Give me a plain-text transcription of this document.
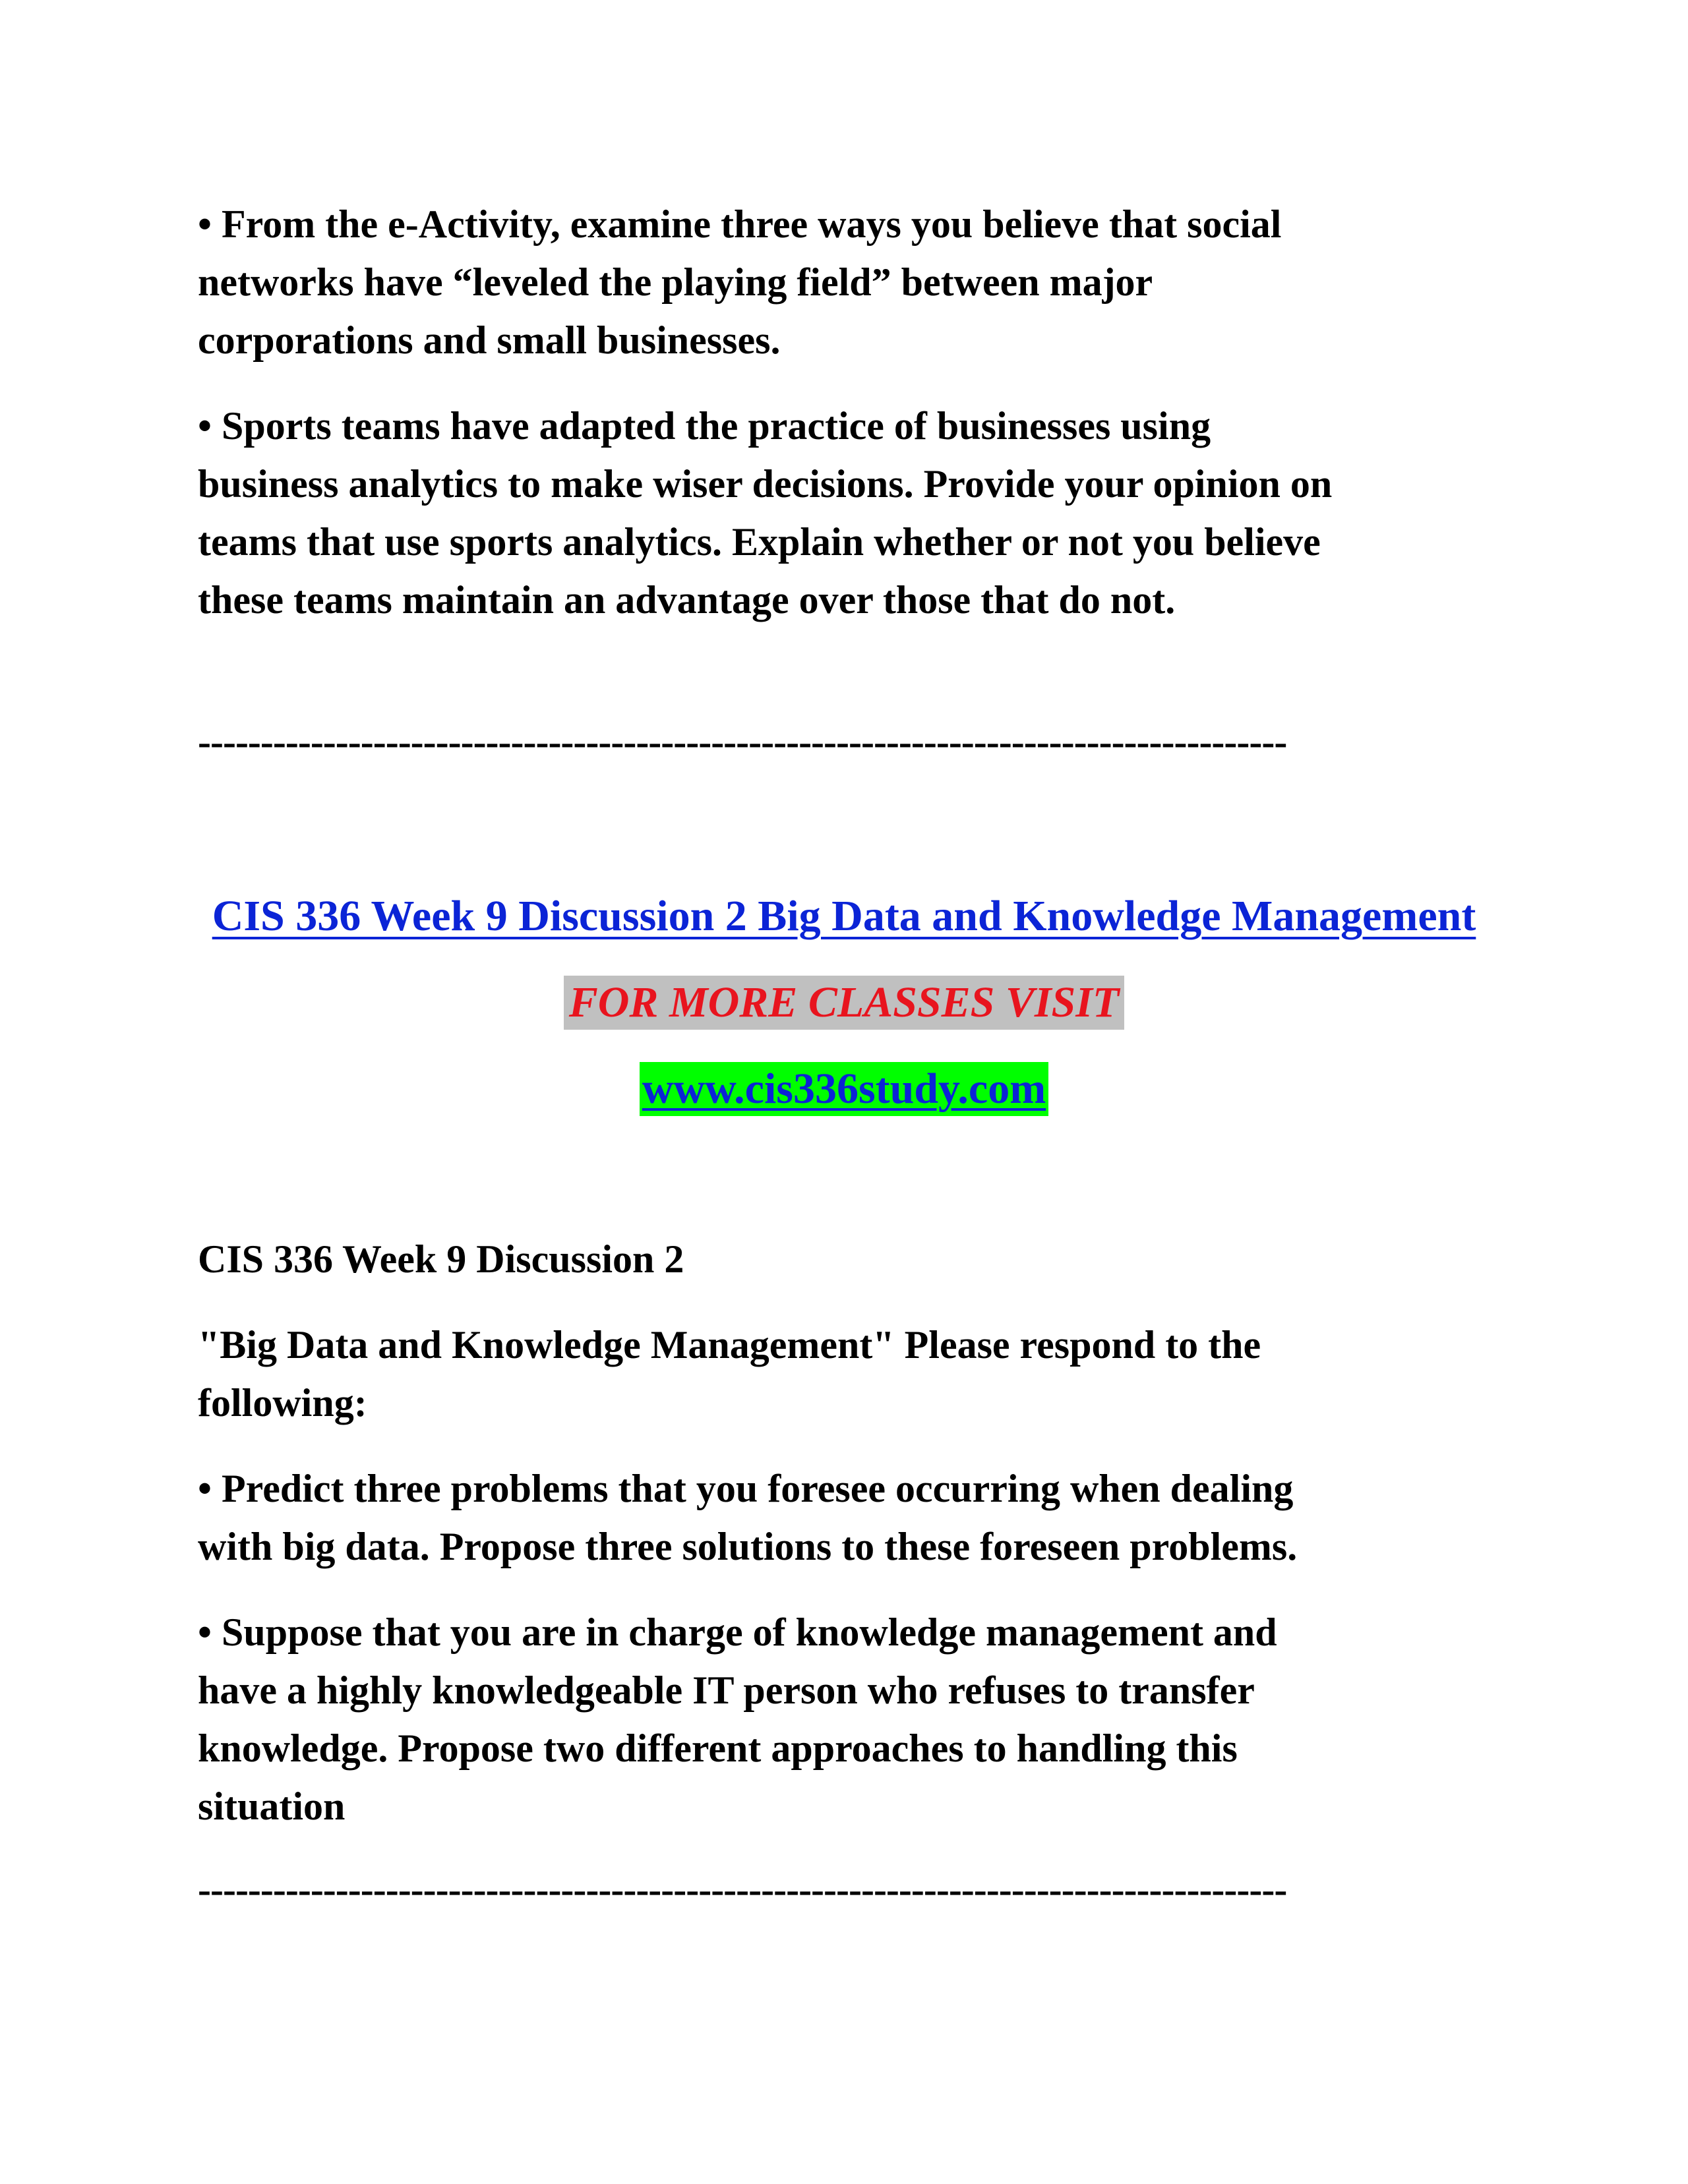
• From the e-Activity, examine three ways you believe that social
networks have “leveled the playing field” between major
corporations and small businesses.

• Sports teams have adapted the practice of businesses using
business analytics to make wiser decisions. Provide your opinion on
teams that use sports analytics. Explain whether or not you believe
these teams maintain an advantage over those that do not.

---------------------------------------------------------------------------------------

CIS 336 Week 9 Discussion 2 Big Data and Knowledge Management

FOR MORE CLASSES VISIT

www.cis336study.com

CIS 336 Week 9 Discussion 2

"Big Data and Knowledge Management" Please respond to the
following:

• Predict three problems that you foresee occurring when dealing
with big data. Propose three solutions to these foreseen problems.

• Suppose that you are in charge of knowledge management and
have a highly knowledgeable IT person who refuses to transfer
knowledge. Propose two different approaches to handling this
situation

---------------------------------------------------------------------------------------
